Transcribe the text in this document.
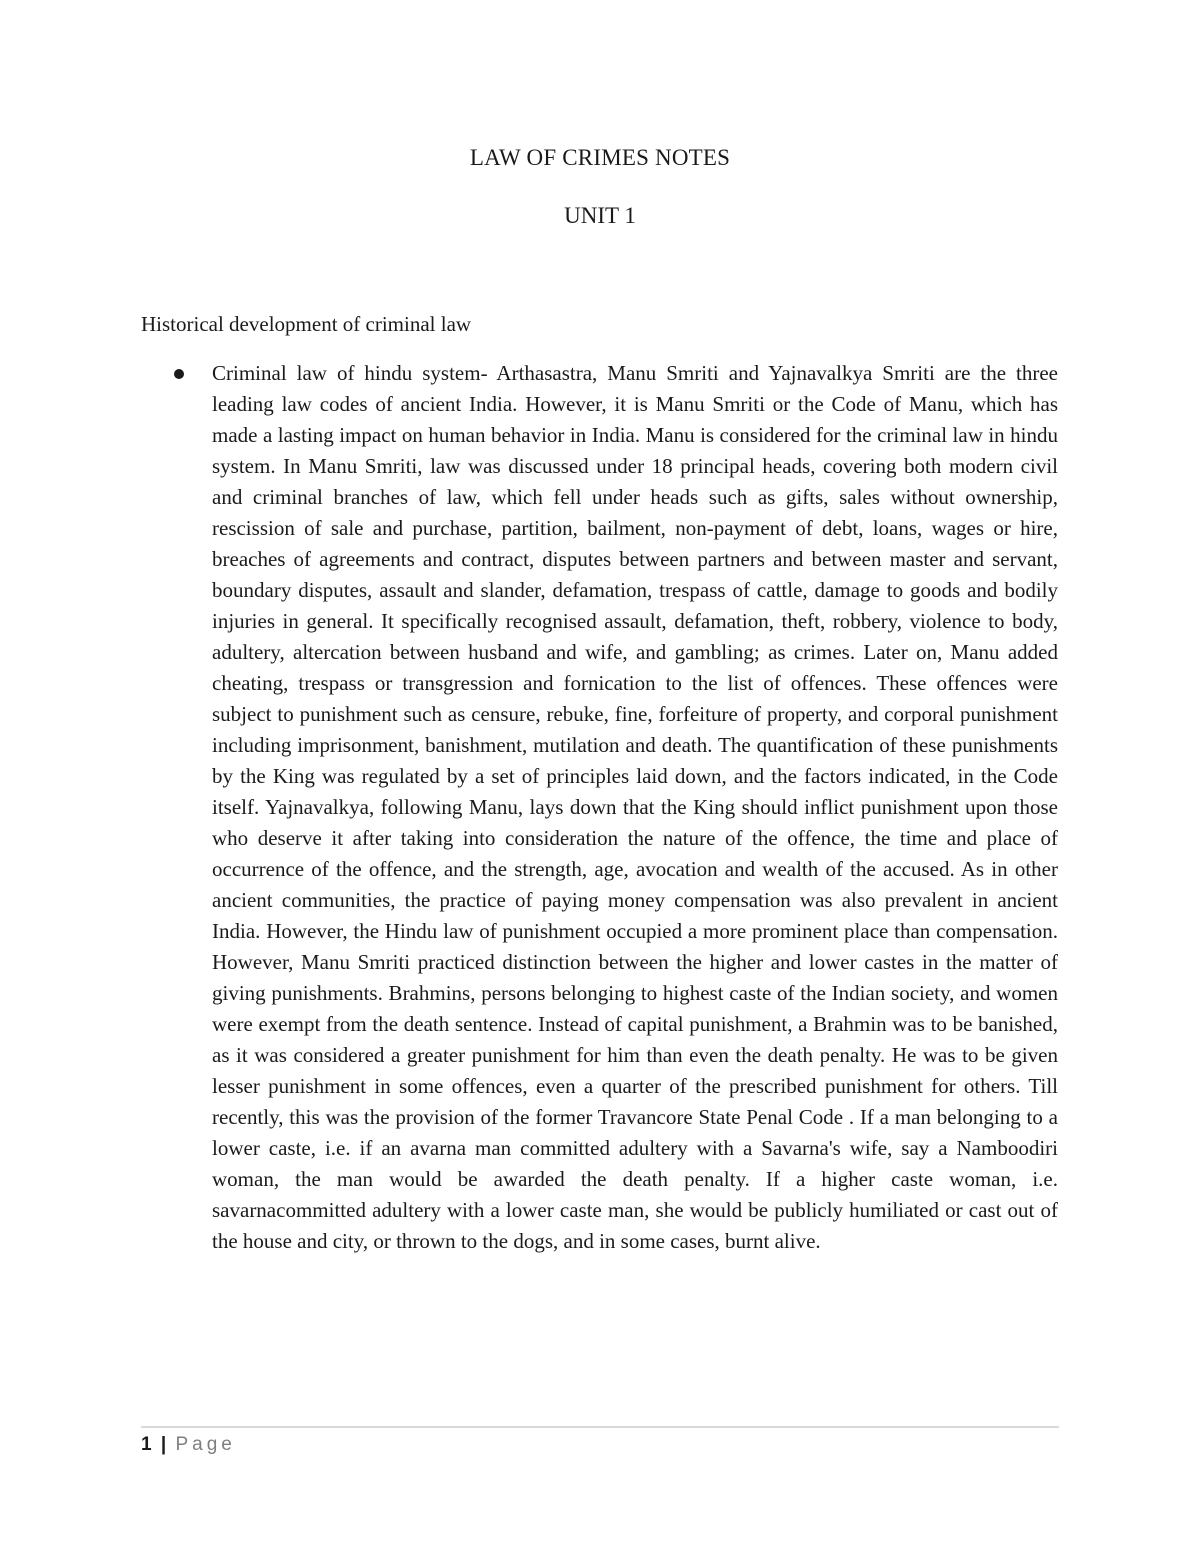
LAW OF CRIMES NOTES
UNIT 1
Historical development of criminal law

Criminal law of hindu system- Arthasastra, Manu Smriti and Yajnavalkya Smriti are the three leading law codes of ancient India. However, it is Manu Smriti or the Code of Manu, which has made a lasting impact on human behavior in India. Manu is considered for the criminal law in hindu system. In Manu Smriti, law was discussed under 18 principal heads, covering both modern civil and criminal branches of law, which fell under heads such as gifts, sales without ownership, rescission of sale and purchase, partition, bailment, non-payment of debt, loans, wages or hire, breaches of agreements and contract, disputes between partners and between master and servant, boundary disputes, assault and slander, defamation, trespass of cattle, damage to goods and bodily injuries in general. It specifically recognised assault, defamation, theft, robbery, violence to body, adultery, altercation between husband and wife, and gambling; as crimes. Later on, Manu added cheating, trespass or transgression and fornication to the list of offences. These offences were subject to punishment such as censure, rebuke, fine, forfeiture of property, and corporal punishment including imprisonment, banishment, mutilation and death. The quantification of these punishments by the King was regulated by a set of principles laid down, and the factors indicated, in the Code itself. Yajnavalkya, following Manu, lays down that the King should inflict punishment upon those who deserve it after taking into consideration the nature of the offence, the time and place of occurrence of the offence, and the strength, age, avocation and wealth of the accused. As in other ancient communities, the practice of paying money compensation was also prevalent in ancient India. However, the Hindu law of punishment occupied a more prominent place than compensation. However, Manu Smriti practiced distinction between the higher and lower castes in the matter of giving punishments. Brahmins, persons belonging to highest caste of the Indian society, and women were exempt from the death sentence. Instead of capital punishment, a Brahmin was to be banished, as it was considered a greater punishment for him than even the death penalty. He was to be given lesser punishment in some offences, even a quarter of the prescribed punishment for others. Till recently, this was the provision of the former Travancore State Penal Code . If a man belonging to a lower caste, i.e. if an avarna man committed adultery with a Savarna's wife, say a Namboodiri woman, the man would be awarded the death penalty. If a higher caste woman, i.e. savarnacommitted adultery with a lower caste man, she would be publicly humiliated or cast out of the house and city, or thrown to the dogs, and in some cases, burnt alive.

1 | Page
